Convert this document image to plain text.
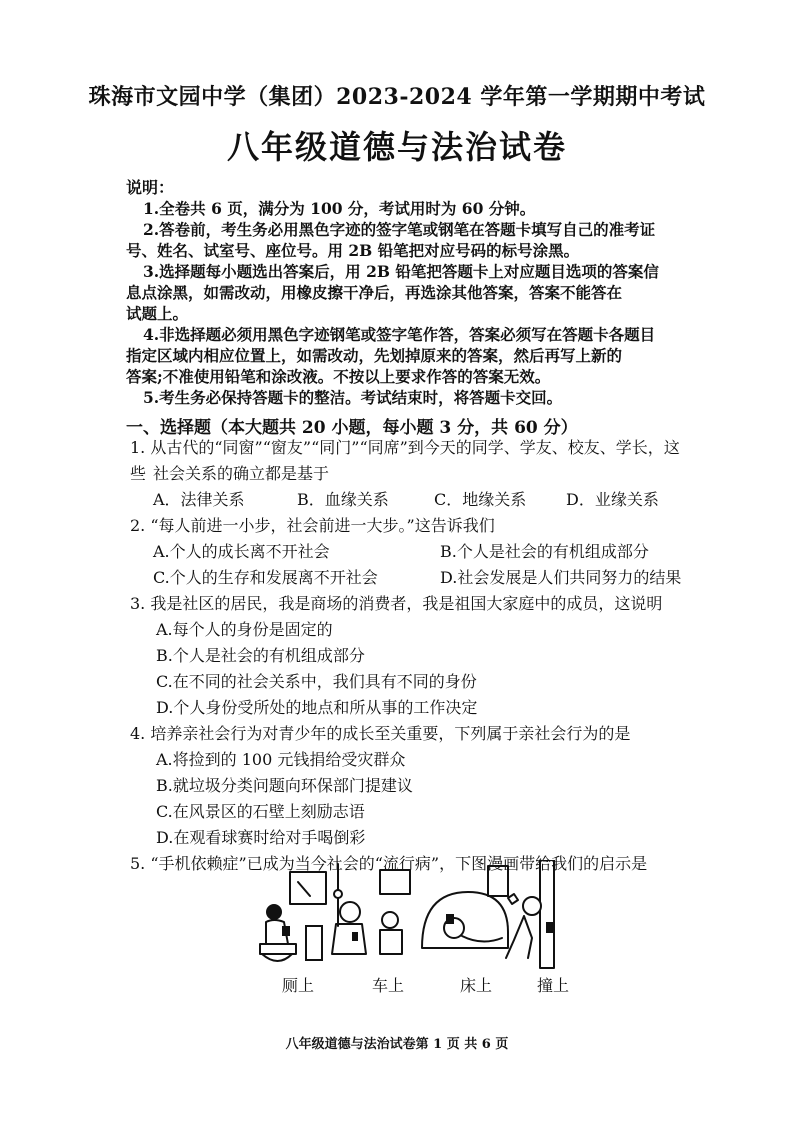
珠海市文园中学（集团）2023-2024 学年第一学期期中考试
八年级道德与法治试卷
说明：
1.全卷共 6 页，满分为 100 分，考试用时为 60 分钟。
2.答卷前，考生务必用黑色字迹的签字笔或钢笔在答题卡填写自己的准考证
号、姓名、试室号、座位号。用 2B 铅笔把对应号码的标号涂黑。
3.选择题每小题选出答案后，用 2B 铅笔把答题卡上对应题目选项的答案信
息点涂黑，如需改动，用橡皮擦干净后，再选涂其他答案，答案不能答在
试题上。
4.非选择题必须用黑色字迹钢笔或签字笔作答，答案必须写在答题卡各题目
指定区域内相应位置上，如需改动，先划掉原来的答案，然后再写上新的
答案;不准使用铅笔和涂改液。不按以上要求作答的答案无效。
一、选择题（本大题共 20 小题，每小题 3 分，共 60 分）
1. 从古代的“同窗”“窗友”“同门”“同席”到今天的同学、学友、校友、学长，这些 社会关系的确立都是基于
A．法律关系	B．血缘关系	C．地缘关系 D．业缘关系
2. “每人前进一小步，社会前进一大步。”这告诉我们
A.个人的成长离不开社会	B.个人是社会的有机组成部分
C.个人的生存和发展离不开社会	D.社会发展是人们共同努力的结果
3. 我是社区的居民，我是商场的消费者，我是祖国大家庭中的成员，这说明
A.每个人的身份是固定的
B.个人是社会的有机组成部分
C.在不同的社会关系中，我们具有不同的身份
D.个人身份受所处的地点和所从事的工作决定
4. 培养亲社会行为对青少年的成长至关重要，下列属于亲社会行为的是
A.将捡到的 100 元钱捐给受灾群众
B.就垃圾分类问题向环保部门提建议
C.在风景区的石壁上刻励志语
D.在观看球赛时给对手喝倒彩
5. “手机依赖症”已成为当今社会的“流行病”，下图漫画带给我们的启示是
厕上	车上	床上	撞上
八年级道德与法治试卷第 1 页 共 6 页
5.考生务必保持答题卡的整洁。考试结束时，将答题卡交回。
